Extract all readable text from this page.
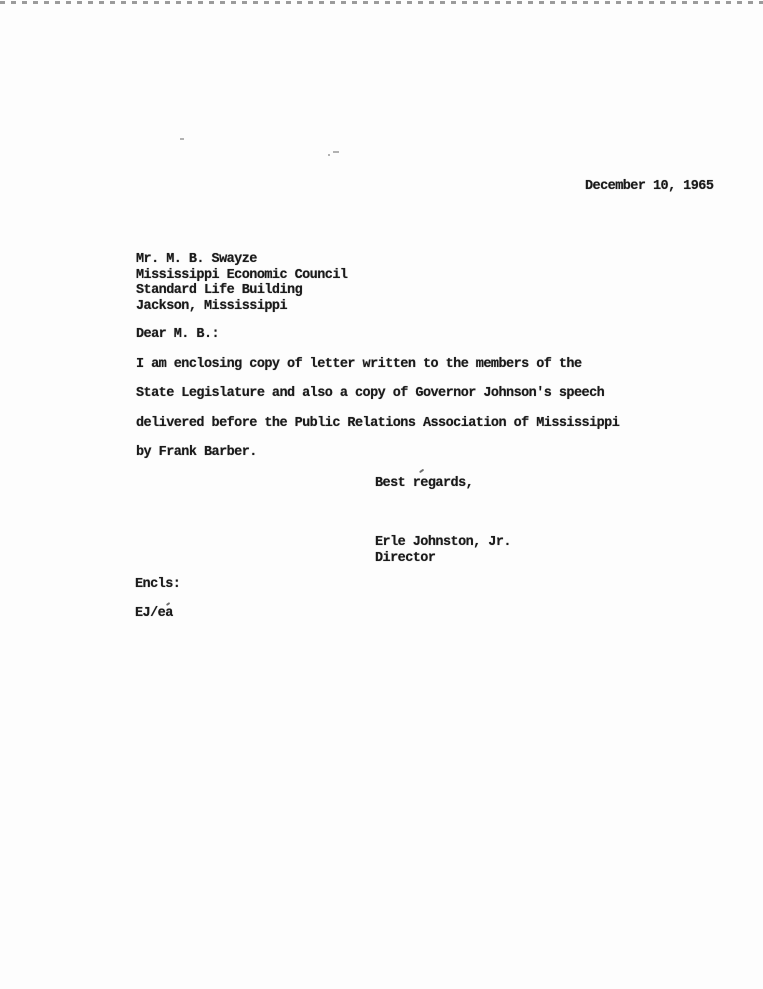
December 10, 1965
Mr. M. B. Swayze
Mississippi Economic Council
Standard Life Building
Jackson, Mississippi
Dear M. B.:
I am enclosing copy of letter written to the members of the
State Legislature and also a copy of Governor Johnson's speech
delivered before the Public Relations Association of Mississippi
by Frank Barber.
Best regards,
Erle Johnston, Jr.
Director
Encls:
EJ/ea
